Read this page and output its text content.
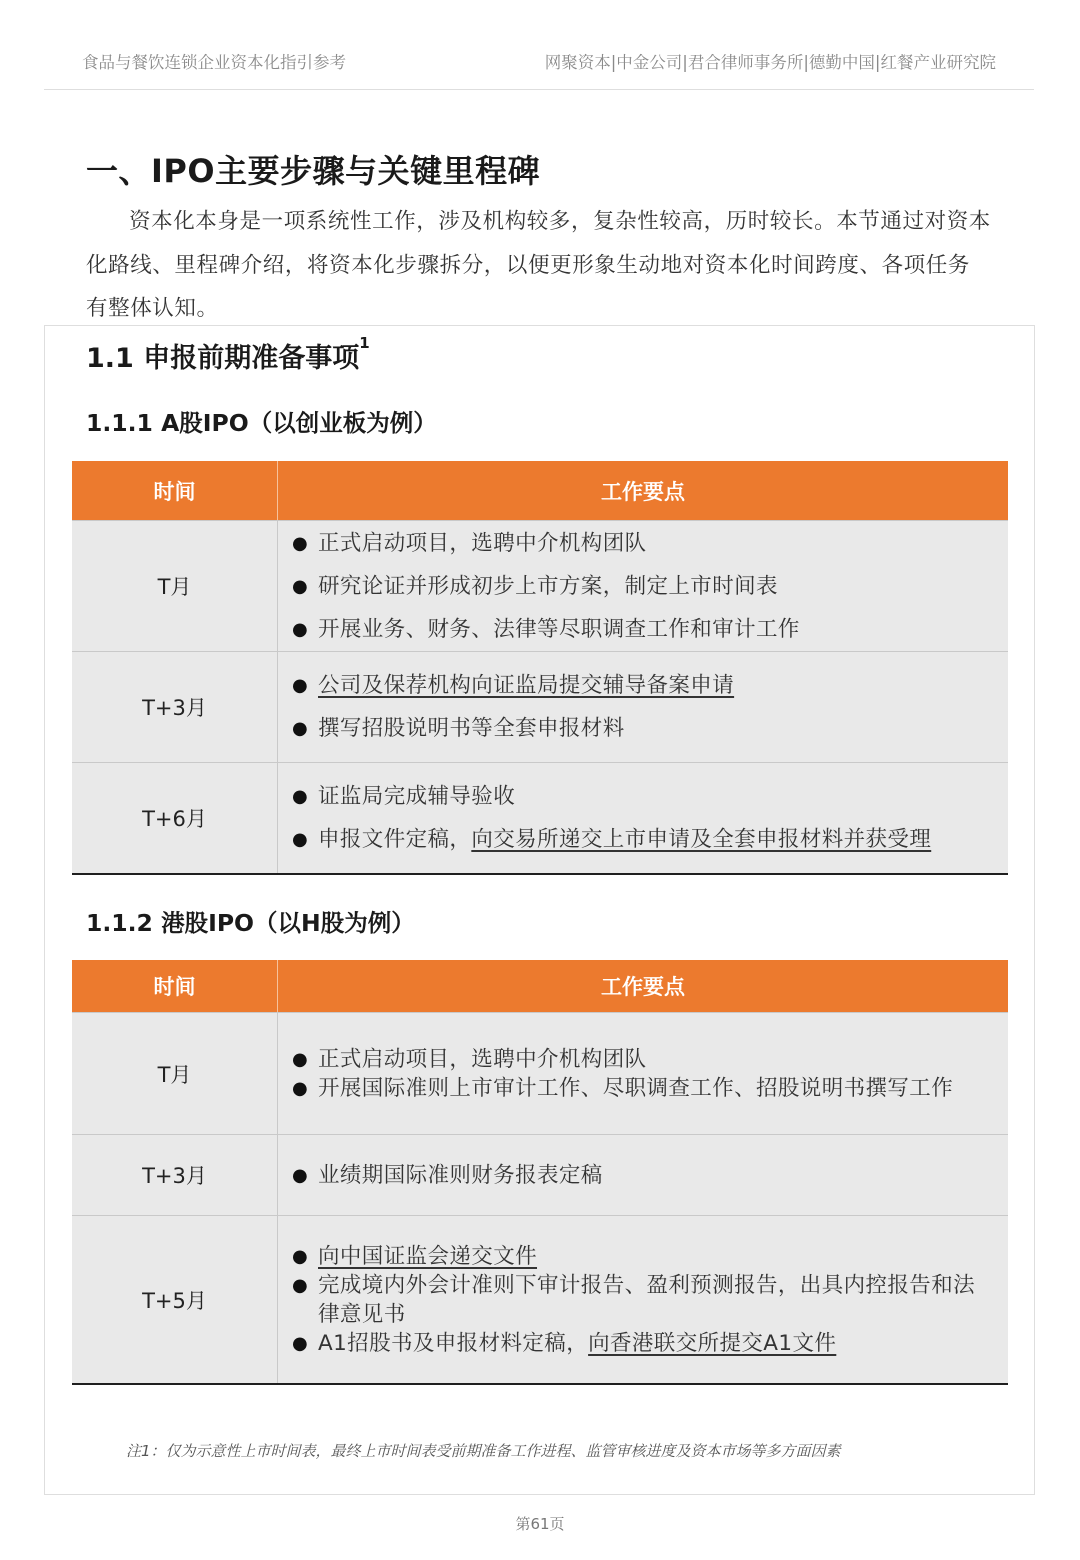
食品与餐饮连锁企业资本化指引参考	网聚资本|中金公司|君合律师事务所|德勤中国|红餐产业研究院
一、IPO主要步骤与关键里程碑
资本化本身是一项系统性工作，涉及机构较多，复杂性较高，历时较长。本节通过对资本化路线、里程碑介绍，将资本化步骤拆分，以便更形象生动地对资本化时间跨度、各项任务有整体认知。
1.1 申报前期准备事项$^1$
1.1.1 A股IPO（以创业板为例）
时间	工作要点
T月
● 正式启动项目，选聘中介机构团队
● 研究论证并形成初步上市方案，制定上市时间表
● 开展业务、财务、法律等尽职调查工作和审计工作
T+3月
● 公司及保荐机构向证监局提交辅导备案申请
● 撰写招股说明书等全套申报材料
T+6月
● 证监局完成辅导验收
● 申报文件定稿，向交易所递交上市申请及全套申报材料并获受理
1.1.2 港股IPO（以H股为例）
时间	工作要点
T月
● 正式启动项目，选聘中介机构团队
● 开展国际准则上市审计工作、尽职调查工作、招股说明书撰写工作
T+3月	● 业绩期国际准则财务报表定稿
T+5月
● 向中国证监会递交文件
● 完成境内外会计准则下审计报告、盈利预测报告，出具内控报告和法律意见书
● A1招股书及申报材料定稿，向香港联交所提交A1文件
注1：仅为示意性上市时间表，最终上市时间表受前期准备工作进程、监管审核进度及资本市场等多方面因素
第61页
